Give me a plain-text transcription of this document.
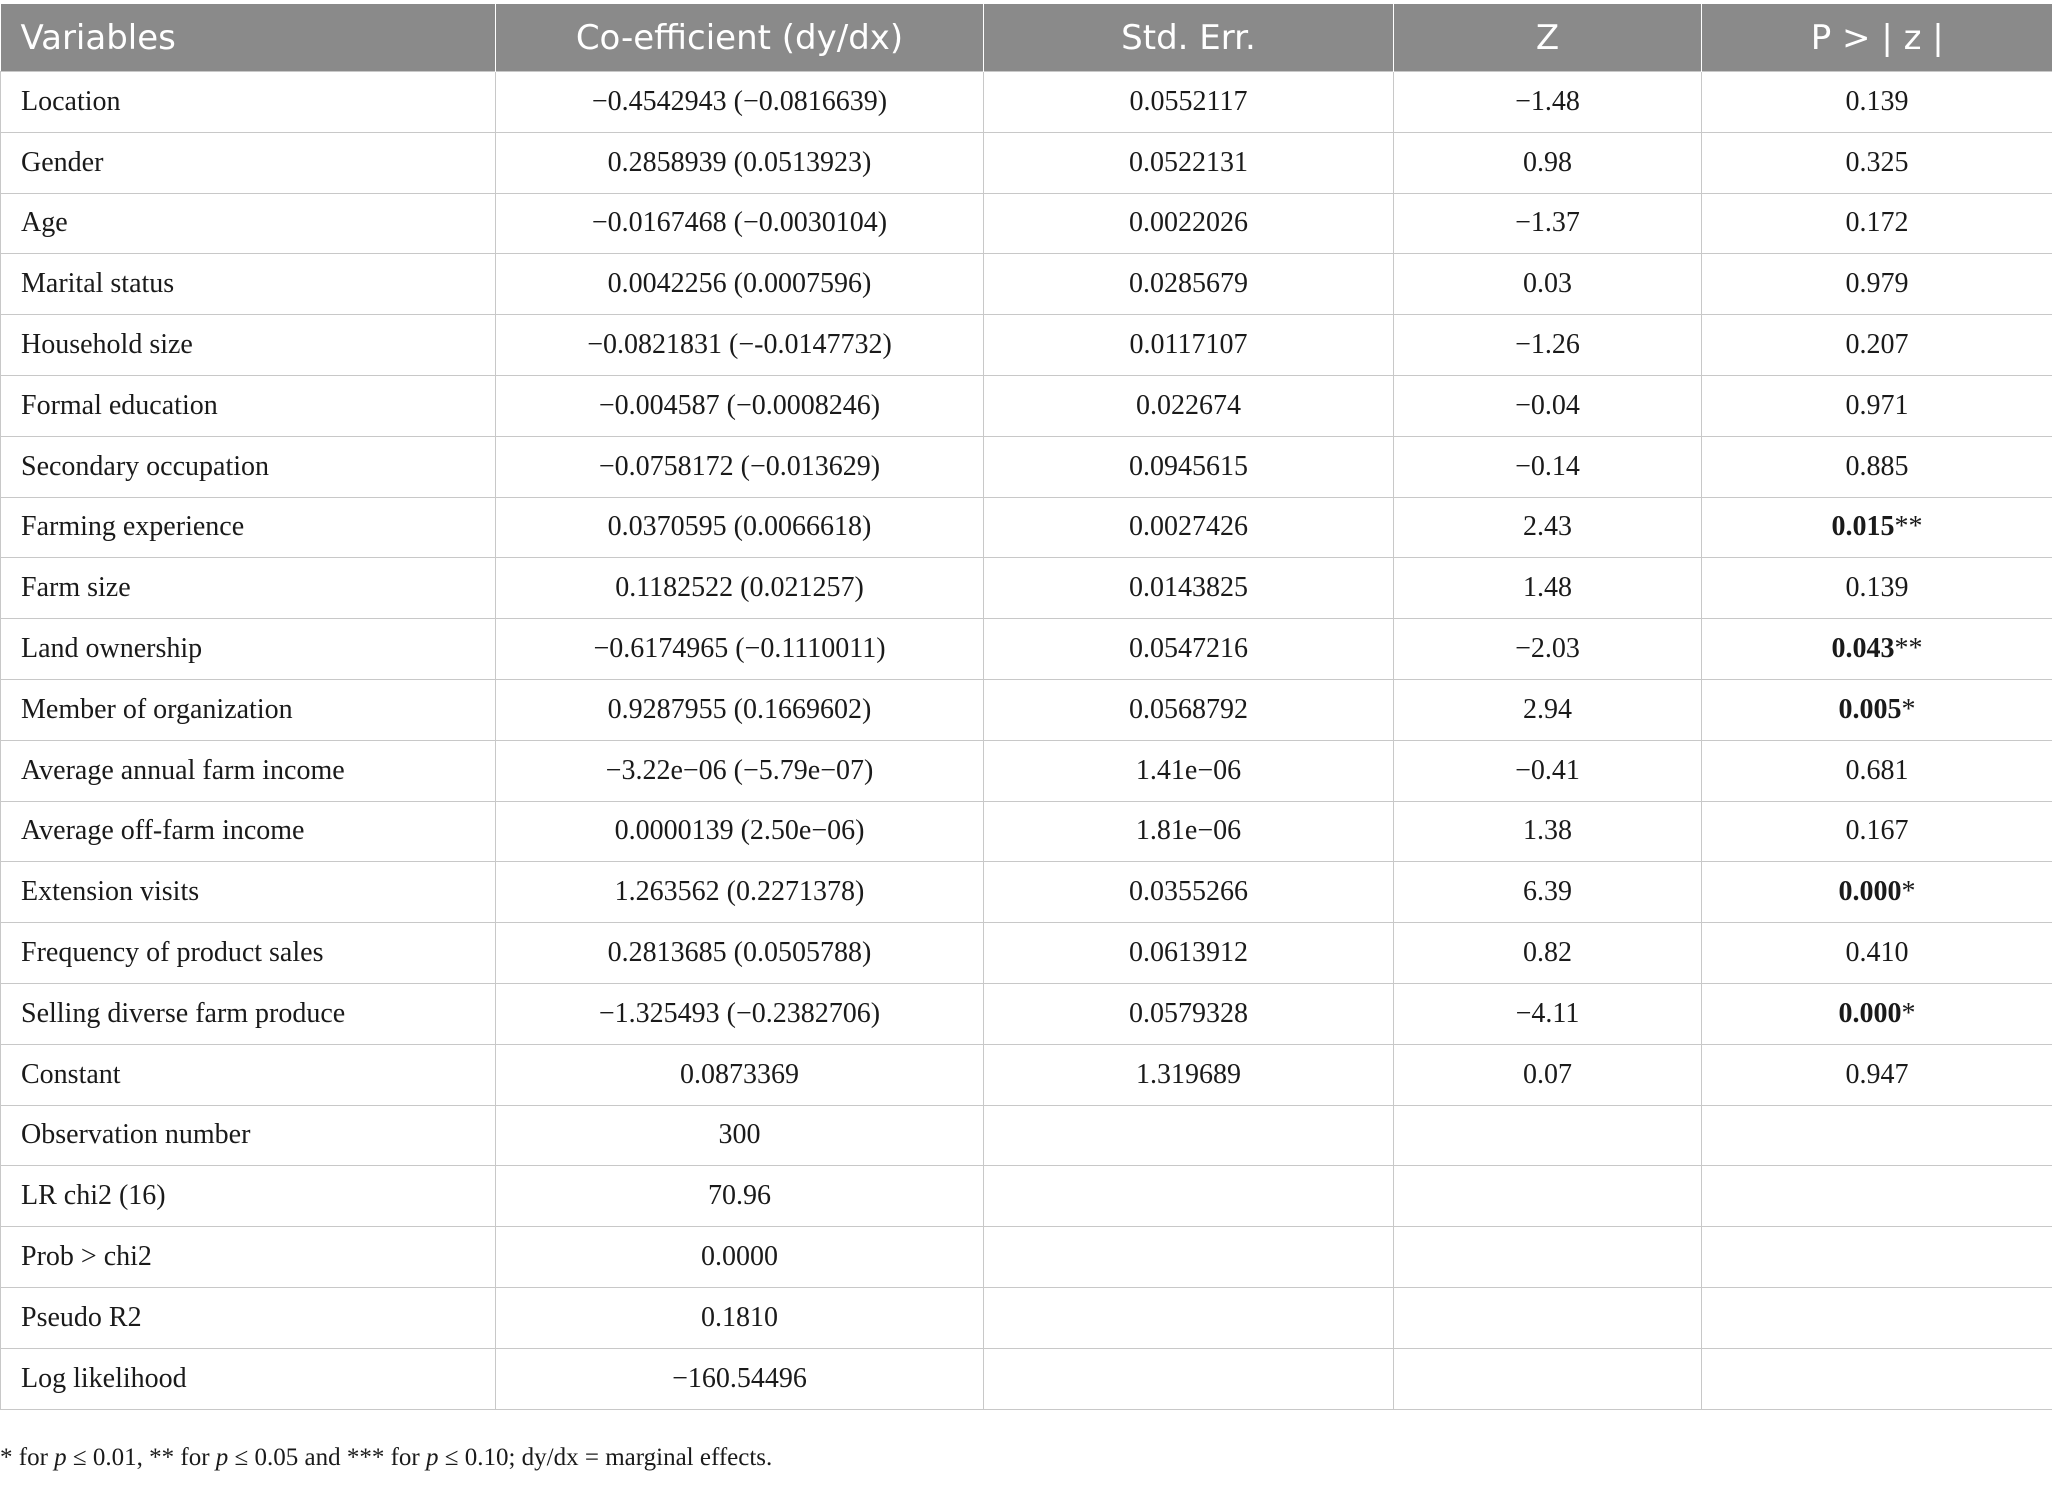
Variables	Co-efficient (dy/dx)	Std. Err.	Z	P > | z |
Location	−0.4542943 (−0.0816639)	0.0552117	−1.48	0.139
Gender	0.2858939 (0.0513923)	0.0522131	0.98	0.325
Age	−0.0167468 (−0.0030104)	0.0022026	−1.37	0.172
Marital status	0.0042256 (0.0007596)	0.0285679	0.03	0.979
Household size	−0.0821831 (−-0.0147732)	0.0117107	−1.26	0.207
Formal education	−0.004587 (−0.0008246)	0.022674	−0.04	0.971
Secondary occupation	−0.0758172 (−0.013629)	0.0945615	−0.14	0.885
Farming experience	0.0370595 (0.0066618)	0.0027426	2.43	0.015**
Farm size	0.1182522 (0.021257)	0.0143825	1.48	0.139
Land ownership	−0.6174965 (−0.1110011)	0.0547216	−2.03	0.043**
Member of organization	0.9287955 (0.1669602)	0.0568792	2.94	0.005*
Average annual farm income	−3.22e−06 (−5.79e−07)	1.41e−06	−0.41	0.681
Average off-farm income	0.0000139 (2.50e−06)	1.81e−06	1.38	0.167
Extension visits	1.263562 (0.2271378)	0.0355266	6.39	0.000*
Frequency of product sales	0.2813685 (0.0505788)	0.0613912	0.82	0.410
Selling diverse farm produce	−1.325493 (−0.2382706)	0.0579328	−4.11	0.000*
Constant	0.0873369	1.319689	0.07	0.947
Observation number	300			
LR chi2 (16)	70.96			
Prob > chi2	0.0000			
Pseudo R2	0.1810			
Log likelihood	−160.54496			
* for p ≤ 0.01, ** for p ≤ 0.05 and *** for p ≤ 0.10; dy/dx = marginal effects.
